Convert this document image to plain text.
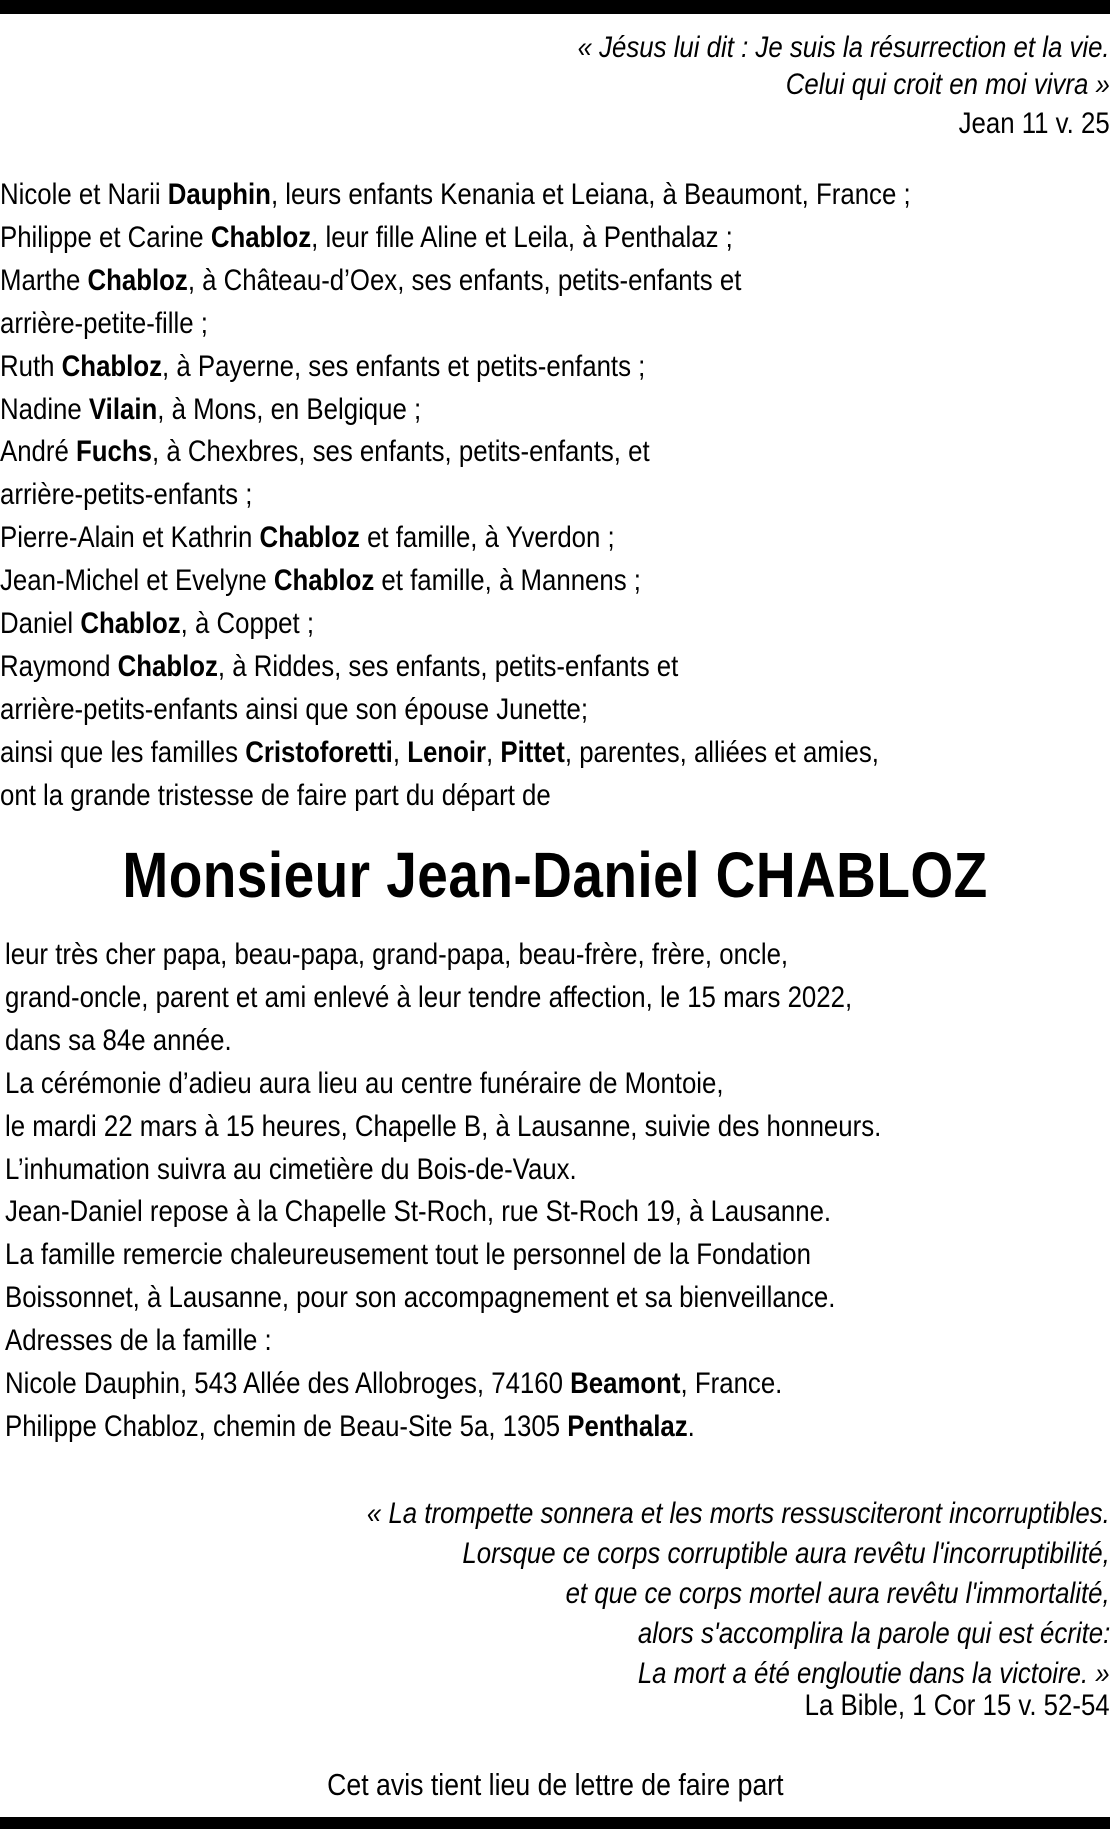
« Jésus lui dit : Je suis la résurrection et la vie.
Celui qui croit en moi vivra »
Jean 11 v. 25
Nicole et Narii Dauphin, leurs enfants Kenania et Leiana, à Beaumont, France ;
Philippe et Carine Chabloz, leur fille Aline et Leila, à Penthalaz ;
Marthe Chabloz, à Château-d’Oex, ses enfants, petits-enfants et
arrière-petite-fille ;
Ruth Chabloz, à Payerne, ses enfants et petits-enfants ;
Nadine Vilain, à Mons, en Belgique ;
André Fuchs, à Chexbres, ses enfants, petits-enfants, et
arrière-petits-enfants ;
Pierre-Alain et Kathrin Chabloz et famille, à Yverdon ;
Jean-Michel et Evelyne Chabloz et famille, à Mannens ;
Daniel Chabloz, à Coppet ;
Raymond Chabloz, à Riddes, ses enfants, petits-enfants et
arrière-petits-enfants ainsi que son épouse Junette;
ainsi que les familles Cristoforetti, Lenoir, Pittet, parentes, alliées et amies,
ont la grande tristesse de faire part du départ de
Monsieur Jean-Daniel CHABLOZ
leur très cher papa, beau-papa, grand-papa, beau-frère, frère, oncle,
grand-oncle, parent et ami enlevé à leur tendre affection, le 15 mars 2022,
dans sa 84e année.
La cérémonie d’adieu aura lieu au centre funéraire de Montoie,
le mardi 22 mars à 15 heures, Chapelle B, à Lausanne, suivie des honneurs.
L’inhumation suivra au cimetière du Bois-de-Vaux.
Jean-Daniel repose à la Chapelle St-Roch, rue St-Roch 19, à Lausanne.
La famille remercie chaleureusement tout le personnel de la Fondation
Boissonnet, à Lausanne, pour son accompagnement et sa bienveillance.
Adresses de la famille :
Nicole Dauphin, 543 Allée des Allobroges, 74160 Beamont, France.
Philippe Chabloz, chemin de Beau-Site 5a, 1305 Penthalaz.
« La trompette sonnera et les morts ressusciteront incorruptibles.
Lorsque ce corps corruptible aura revêtu l'incorruptibilité,
et que ce corps mortel aura revêtu l'immortalité,
alors s'accomplira la parole qui est écrite:
La mort a été engloutie dans la victoire. »
La Bible, 1 Cor 15 v. 52-54
Cet avis tient lieu de lettre de faire part
